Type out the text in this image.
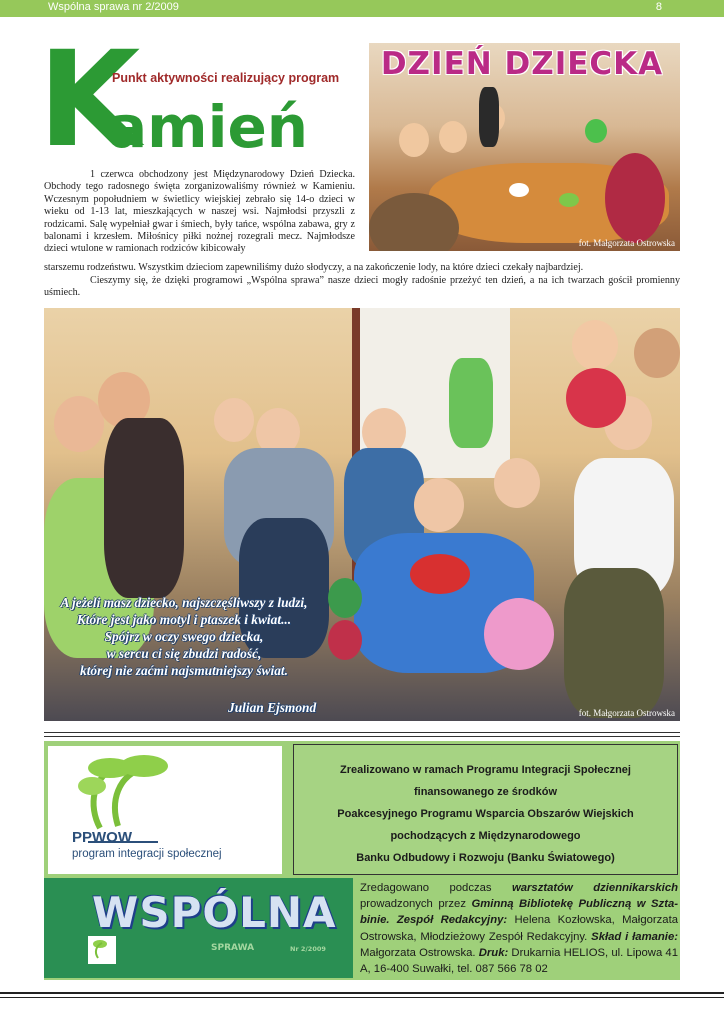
Wspólna sprawa nr 2/2009	8
K
Punkt aktywności realizujący program
amień
fot. Małgorzata Ostrowska
DZIEŃ DZIECKA

1 czerwca obchodzony jest Międzynarodowy Dzień Dziecka. Obchody tego radosnego święta zorganizowaliśmy również w Kamieniu. Wczesnym popołudniem w świetlicy wiejskiej zebrało się 14-o dzieci w wieku od 1-13 lat, mieszkających w naszej wsi. Najmłodsi przyszli z rodzicami. Salę wypełniał gwar i śmiech, były tańce, wspólna zabawa, gry z balonami i krzesłem. Miłośnicy piłki nożnej rozegrali mecz. Najmłodsze dzieci wtulone w ramionach rodziców kibicowały

starszemu rodzeństwu. Wszystkim dzieciom zapewniliśmy dużo słodyczy, a na zakończenie lody, na które dzieci czekały najbardziej.

Cieszymy się, że dzięki programowi „Wspólna sprawa” nasze dzieci mogły radośnie przeżyć ten dzień, a na ich twarzach gościł promienny uśmiech.

fot. Małgorzata Ostrowska
A jeżeli masz dziecko, najszczęśliwszy z ludzi,
Które jest jako motyl i ptaszek i kwiat...
Spójrz w oczy swego dziecka,
w sercu ci się zbudzi radość,
której nie zaćmi najsmutniejszy świat.
Julian Ejsmond
PPWOW
program integracji społecznej
Zrealizowano w ramach Programu Integracji Społecznej
finansowanego ze środków
Poakcesyjnego Programu Wsparcia Obszarów Wiejskich
pochodzących z Międzynarodowego
Banku Odbudowy i Rozwoju (Banku Światowego)
WSPÓLNA
SPRAWA	Nr 2/2009
Zredagowano podczas warsztatów dziennikarskich prowadzonych przez Gminną Bibliotekę Publiczną w Szta-binie. Zespół Redakcyjny: Helena Kozłowska, Małgorzata Ostrowska, Młodzieżowy Zespół Redakcyjny. Skład i łamanie: Małgorzata Ostrowska. Druk: Drukarnia HELIOS, ul. Lipowa 41 A, 16-400 Suwałki, tel. 087 566 78 02
